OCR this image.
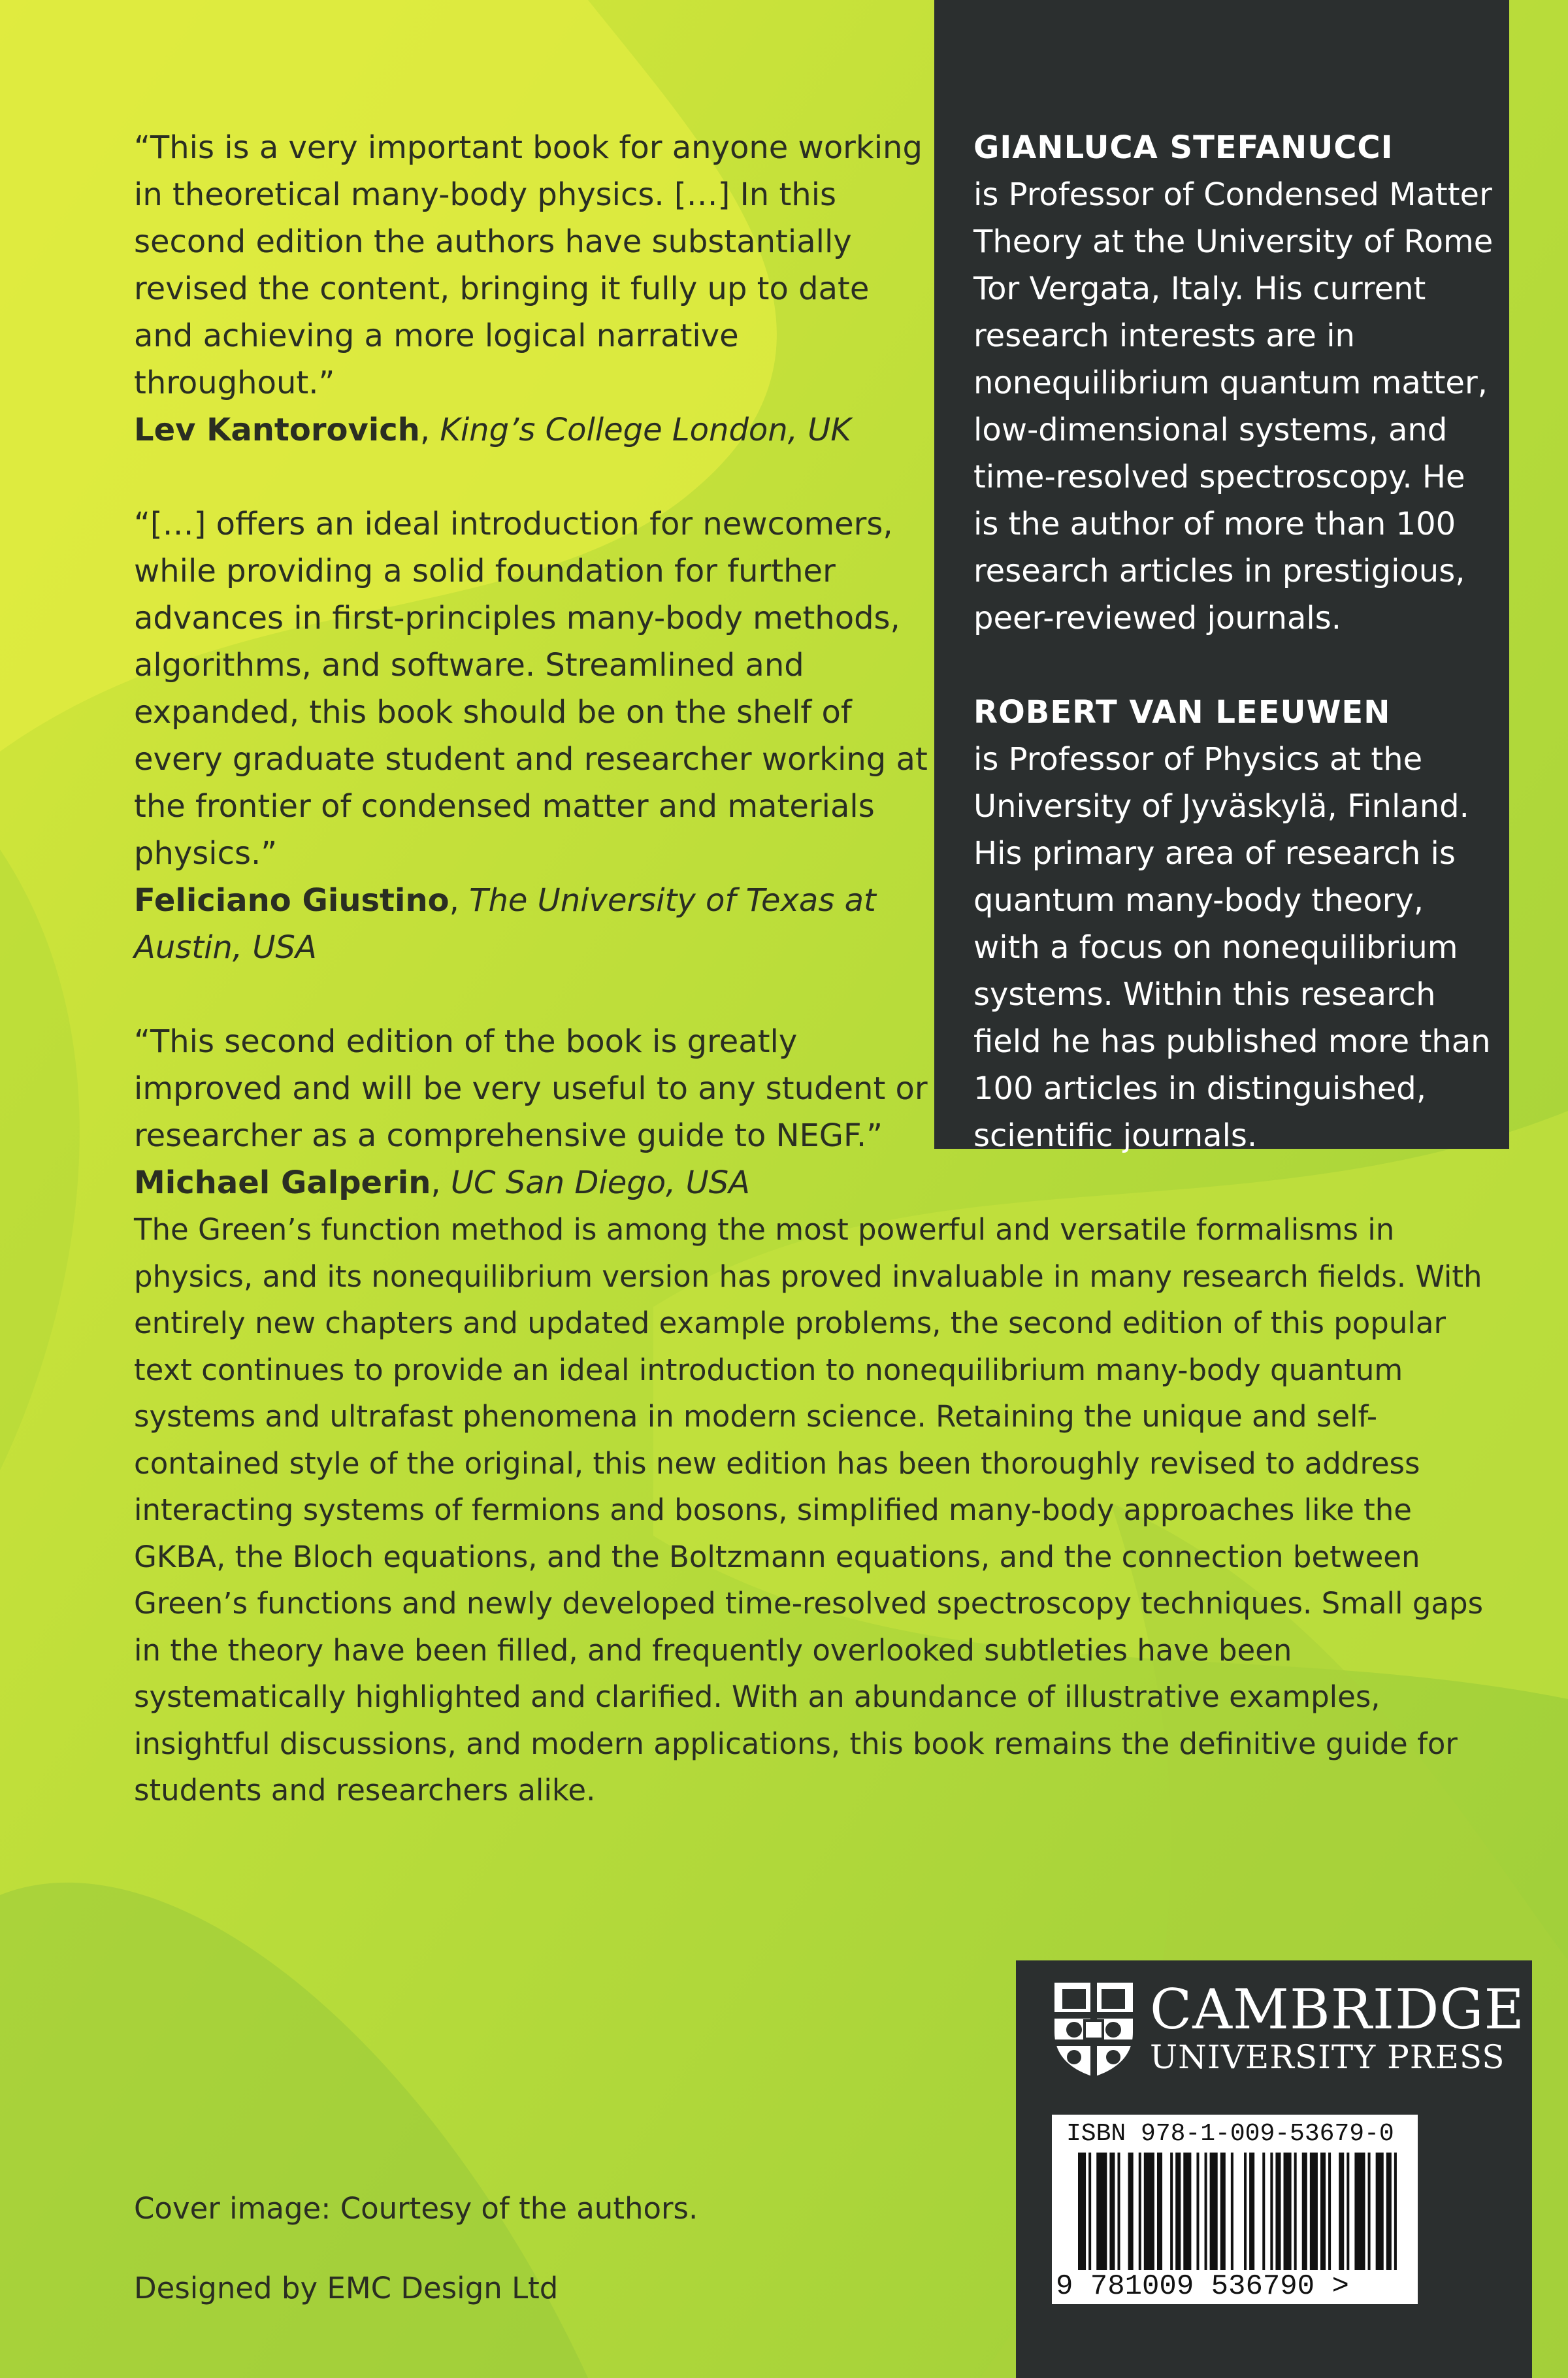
“This is a very important book for anyone working in theoretical many-body physics. […] In this second edition the authors have substantially revised the content, bringing it fully up to date and achieving a more logical narrative throughout.”

Lev Kantorovich, King’s College London, UK

“[…] offers an ideal introduction for newcomers, while providing a solid foundation for further advances in first-principles many-body methods, algorithms, and software. Streamlined and expanded, this book should be on the shelf of every graduate student and researcher working at the frontier of condensed matter and materials physics.”

Feliciano Giustino, The University of Texas at Austin, USA

“This second edition of the book is greatly improved and will be very useful to any student or researcher as a comprehensive guide to NEGF.”

Michael Galperin, UC San Diego, USA

GIANLUCA STEFANUCCI
is Professor of Condensed Matter Theory at the University of Rome Tor Vergata, Italy. His current research interests are in nonequilibrium quantum matter, low-dimensional systems, and time-resolved spectroscopy. He is the author of more than 100 research articles in prestigious, peer-reviewed journals.
ROBERT VAN LEEUWEN
is Professor of Physics at the University of Jyväskylä, Finland. His primary area of research is quantum many-body theory, with a focus on nonequilibrium systems. Within this research field he has published more than 100 articles in distinguished, scientific journals.

The Green’s function method is among the most powerful and versatile formalisms in physics, and its nonequilibrium version has proved invaluable in many research fields. With entirely new chapters and updated example problems, the second edition of this popular text continues to provide an ideal introduction to nonequilibrium many-body quantum systems and ultrafast phenomena in modern science. Retaining the unique and self-contained style of the original, this new edition has been thoroughly revised to address interacting systems of fermions and bosons, simplified many-body approaches like the GKBA, the Bloch equations, and the Boltzmann equations, and the connection between Green’s functions and newly developed time-resolved spectroscopy techniques. Small gaps in the theory have been filled, and frequently overlooked subtleties have been systematically highlighted and clarified. With an abundance of illustrative examples, insightful discussions, and modern applications, this book remains the definitive guide for students and researchers alike.

CAMBRIDGE
UNIVERSITY PRESS
ISBN 978-1-009-53679-0
9 781009 536790 >

Cover image: Courtesy of the authors.

Designed by EMC Design Ltd
